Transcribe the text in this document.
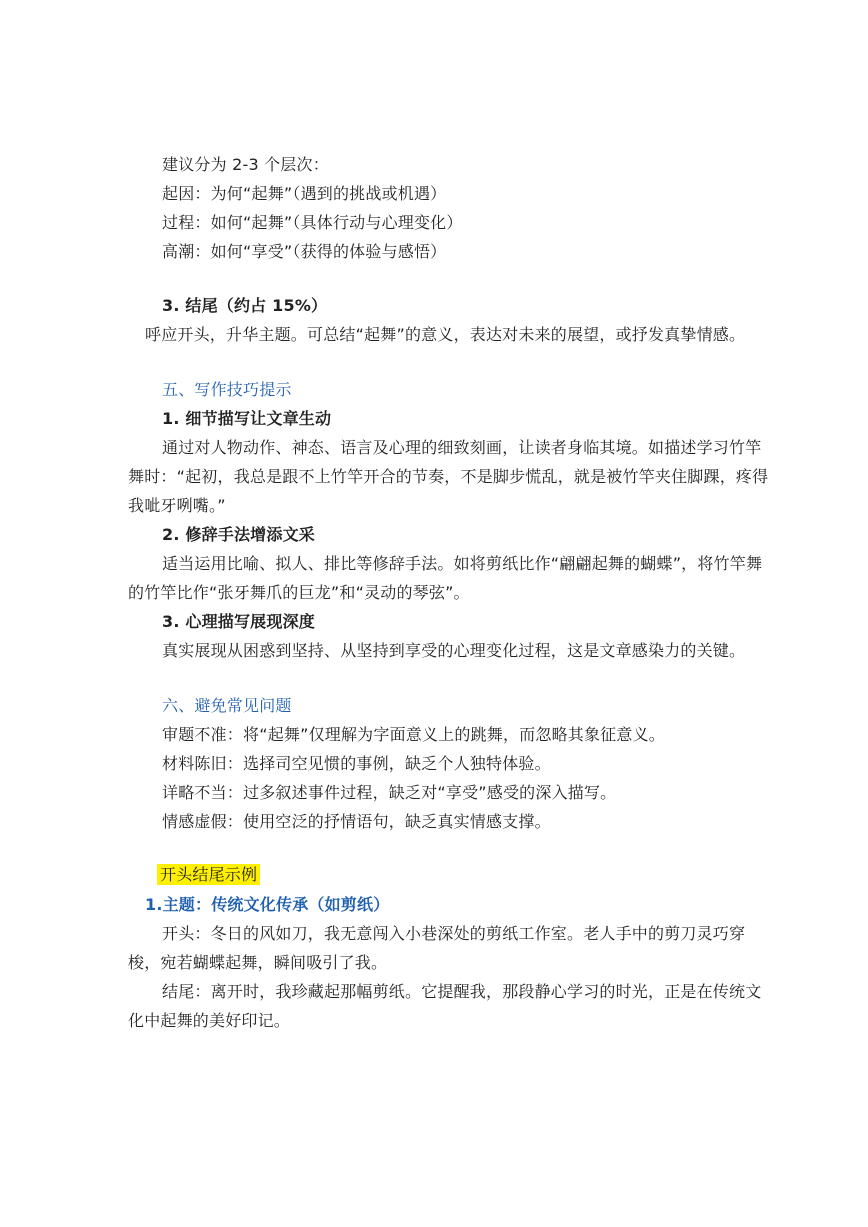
建议分为 2-3 个层次：
起因：为何“起舞”（遇到的挑战或机遇）
过程：如何“起舞”（具体行动与心理变化）
高潮：如何“享受”（获得的体验与感悟）
3. 结尾（约占 15%）
呼应开头，升华主题。可总结“起舞”的意义，表达对未来的展望，或抒发真挚情感。
五、写作技巧提示
1. 细节描写让文章生动
通过对人物动作、神态、语言及心理的细致刻画，让读者身临其境。如描述学习竹竿
舞时：“起初，我总是跟不上竹竿开合的节奏，不是脚步慌乱，就是被竹竿夹住脚踝，疼得
我呲牙咧嘴。”
2. 修辞手法增添文采
适当运用比喻、拟人、排比等修辞手法。如将剪纸比作“翩翩起舞的蝴蝶”，将竹竿舞
的竹竿比作“张牙舞爪的巨龙”和“灵动的琴弦”。
3. 心理描写展现深度
真实展现从困惑到坚持、从坚持到享受的心理变化过程，这是文章感染力的关键。
六、避免常见问题
审题不准：将“起舞”仅理解为字面意义上的跳舞，而忽略其象征意义。
材料陈旧：选择司空见惯的事例，缺乏个人独特体验。
详略不当：过多叙述事件过程，缺乏对“享受”感受的深入描写。
情感虚假：使用空泛的抒情语句，缺乏真实情感支撑。
开头结尾示例
1.主题：传统文化传承（如剪纸）
开头：冬日的风如刀，我无意闯入小巷深处的剪纸工作室。老人手中的剪刀灵巧穿
梭，宛若蝴蝶起舞，瞬间吸引了我。
结尾：离开时，我珍藏起那幅剪纸。它提醒我，那段静心学习的时光，正是在传统文
化中起舞的美好印记。
